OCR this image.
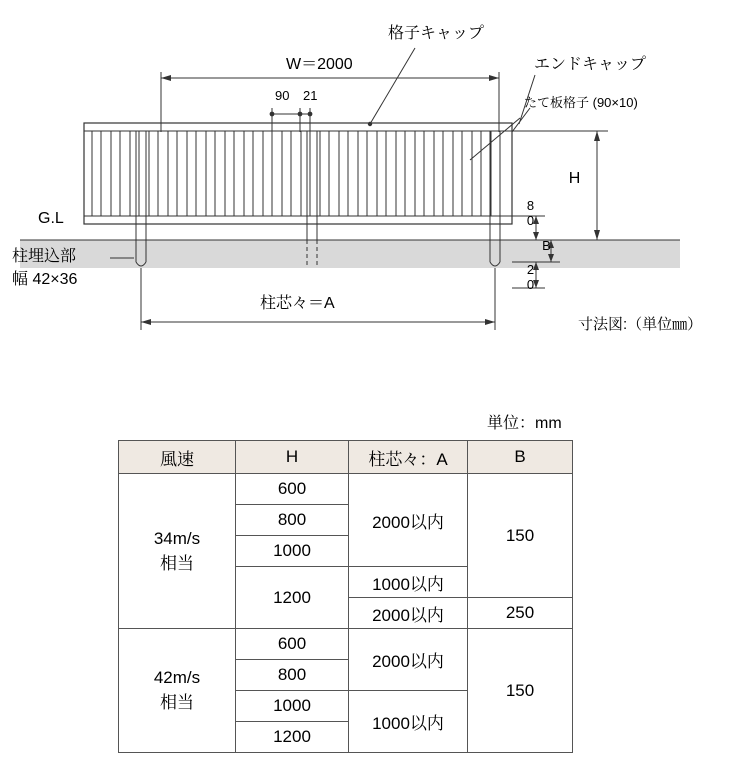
格子キャップ
エンドキャップ
たて板格子 (90×10)
W＝2000
90 21
G.L
柱埋込部
幅 42×36
柱芯々＝A
H
80
B
20
寸法図:（単位㎜）
単位：mm
風速	H	柱芯々：A	B

34m/s
相当	600	2000以内	150
	800		
	1000		
	1200	1000以内	
		2000以内	250

42m/s
相当	600	2000以内	150
	800		
	1000	1000以内	
	1200		
